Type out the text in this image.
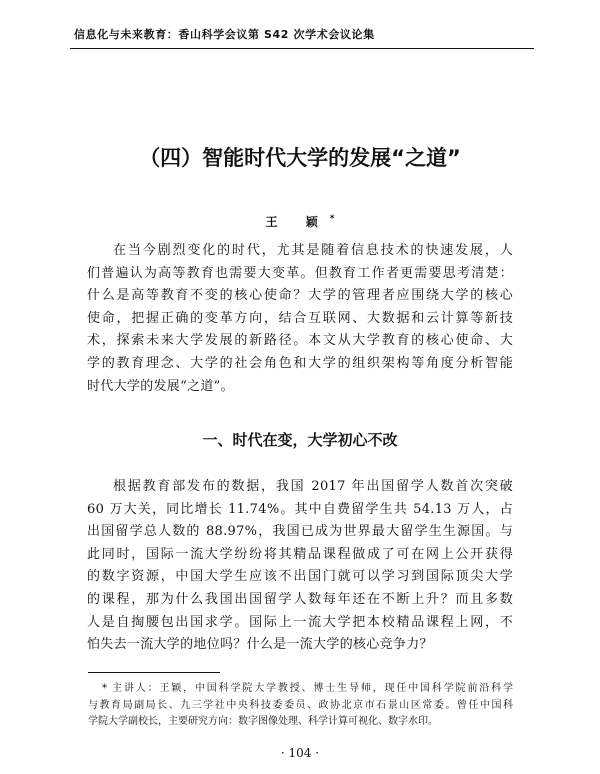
信息化与未来教育：香山科学会议第 S42 次学术会议论集
（四）智能时代大学的发展“之道”
王 颖*
在当今剧烈变化的时代，尤其是随着信息技术的快速发展，人
们普遍认为高等教育也需要大变革。但教育工作者更需要思考清楚：
什么是高等教育不变的核心使命？大学的管理者应围绕大学的核心
使命，把握正确的变革方向，结合互联网、大数据和云计算等新技
术，探索未来大学发展的新路径。本文从大学教育的核心使命、大
学的教育理念、大学的社会角色和大学的组织架构等角度分析智能
时代大学的发展“之道”。
一、时代在变，大学初心不改
根据教育部发布的数据，我国 2017 年出国留学人数首次突破
60 万大关，同比增长 11.74%。其中自费留学生共 54.13 万人，占
出国留学总人数的 88.97%，我国已成为世界最大留学生生源国。与
此同时，国际一流大学纷纷将其精品课程做成了可在网上公开获得
的数字资源，中国大学生应该不出国门就可以学习到国际顶尖大学
的课程，那为什么我国出国留学人数每年还在不断上升？而且多数
人是自掏腰包出国求学。国际上一流大学把本校精品课程上网，不
怕失去一流大学的地位吗？什么是一流大学的核心竞争力？
* 主讲人：王颖，中国科学院大学教授、博士生导师，现任中国科学院前沿科学
与教育局副局长、九三学社中央科技委委员、政协北京市石景山区常委。曾任中国科
学院大学副校长，主要研究方向：数字图像处理、科学计算可视化、数字水印。
· 104 ·
